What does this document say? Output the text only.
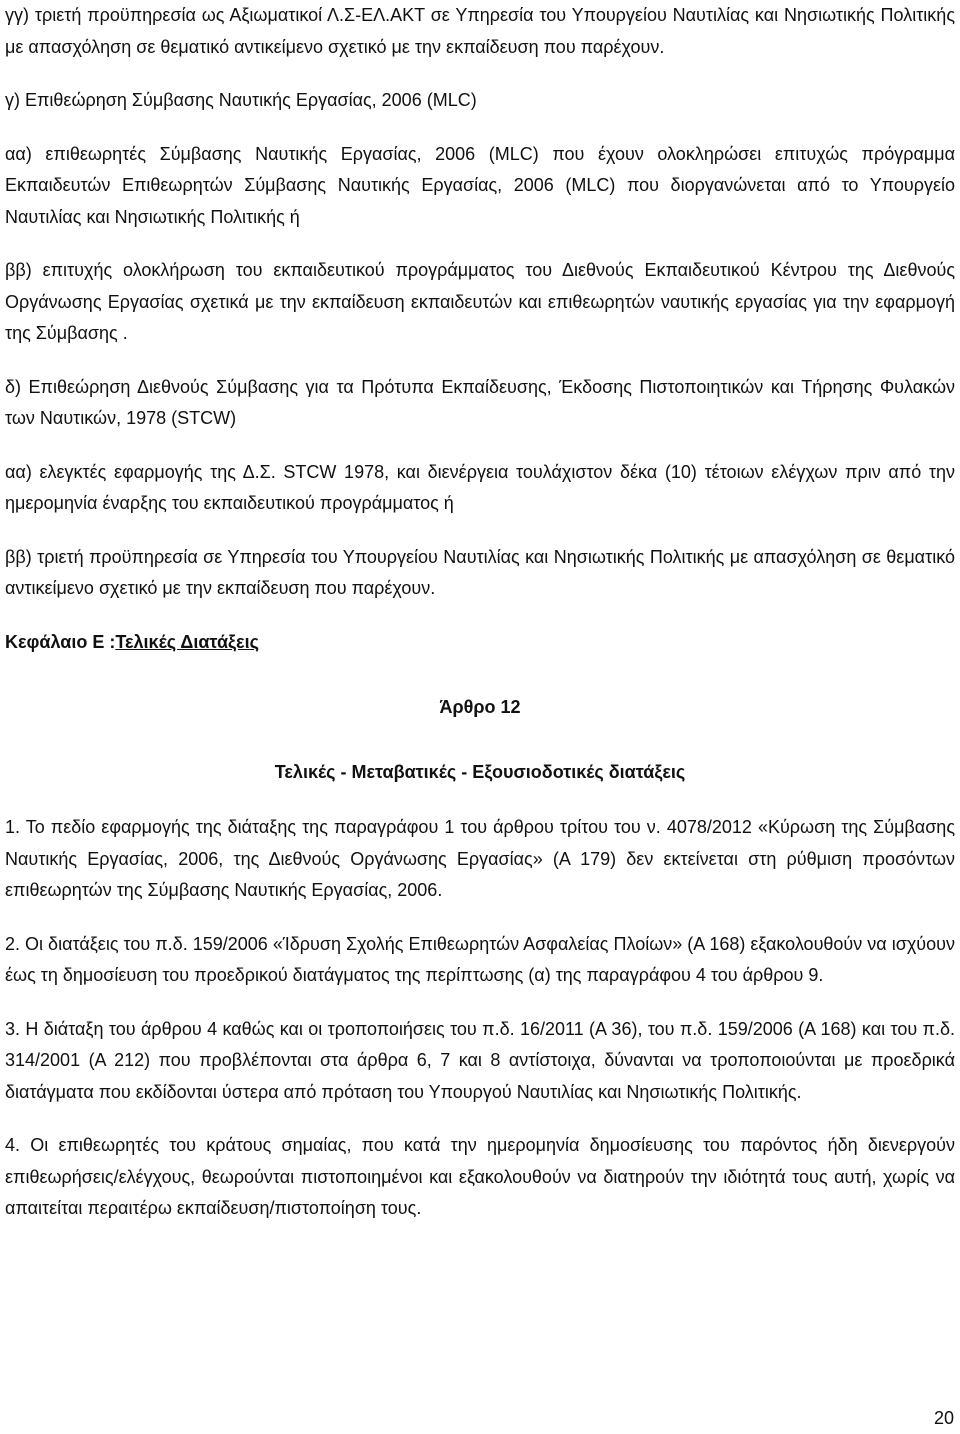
γγ) τριετή προϋπηρεσία ως Αξιωματικοί Λ.Σ-ΕΛ.ΑΚΤ σε Υπηρεσία του Υπουργείου Ναυτιλίας και Νησιωτικής Πολιτικής με απασχόληση σε θεματικό αντικείμενο σχετικό με την εκπαίδευση που παρέχουν.

γ) Επιθεώρηση Σύμβασης Ναυτικής Εργασίας, 2006 (MLC)

αα) επιθεωρητές Σύμβασης Ναυτικής Εργασίας, 2006 (MLC) που έχουν ολοκληρώσει επιτυχώς πρόγραμμα Εκπαιδευτών Επιθεωρητών Σύμβασης Ναυτικής Εργασίας, 2006 (MLC) που διοργανώνεται από το Υπουργείο Ναυτιλίας και Νησιωτικής Πολιτικής ή

ββ) επιτυχής ολοκλήρωση του εκπαιδευτικού προγράμματος του Διεθνούς Εκπαιδευτικού Κέντρου της Διεθνούς Οργάνωσης Εργασίας σχετικά με την εκπαίδευση εκπαιδευτών και επιθεωρητών ναυτικής εργασίας για την εφαρμογή της Σύμβασης .

δ) Επιθεώρηση Διεθνούς Σύμβασης για τα Πρότυπα Εκπαίδευσης, Έκδοσης Πιστοποιητικών και Τήρησης Φυλακών των Ναυτικών, 1978 (STCW)

αα) ελεγκτές εφαρμογής της Δ.Σ. STCW 1978, και διενέργεια τουλάχιστον δέκα (10) τέτοιων ελέγχων πριν από την ημερομηνία έναρξης του εκπαιδευτικού προγράμματος ή

ββ) τριετή προϋπηρεσία σε Υπηρεσία του Υπουργείου Ναυτιλίας και Νησιωτικής Πολιτικής με απασχόληση σε θεματικό αντικείμενο σχετικό με την εκπαίδευση που παρέχουν.

Κεφάλαιο Ε :Τελικές Διατάξεις

Άρθρο 12

Τελικές - Μεταβατικές - Εξουσιοδοτικές διατάξεις

1. Το πεδίο εφαρμογής της διάταξης της παραγράφου 1 του άρθρου τρίτου του ν. 4078/2012 «Κύρωση της Σύμβασης Ναυτικής Εργασίας, 2006, της Διεθνούς Οργάνωσης Εργασίας» (Α 179) δεν εκτείνεται στη ρύθμιση προσόντων επιθεωρητών της Σύμβασης Ναυτικής Εργασίας, 2006.

2. Οι διατάξεις του π.δ. 159/2006 «Ίδρυση Σχολής Επιθεωρητών Ασφαλείας Πλοίων» (Α 168) εξακολουθούν να ισχύουν έως τη δημοσίευση του προεδρικού διατάγματος της περίπτωσης (α) της παραγράφου 4 του άρθρου 9.

3. Η διάταξη του άρθρου 4 καθώς και οι τροποποιήσεις του π.δ. 16/2011 (Α 36), του π.δ. 159/2006 (Α 168) και του π.δ. 314/2001 (Α 212) που προβλέπονται στα άρθρα 6, 7 και 8 αντίστοιχα, δύνανται να τροποποιούνται με προεδρικά διατάγματα που εκδίδονται ύστερα από πρόταση του Υπουργού Ναυτιλίας και Νησιωτικής Πολιτικής.

4. Οι επιθεωρητές του κράτους σημαίας, που κατά την ημερομηνία δημοσίευσης του παρόντος ήδη διενεργούν επιθεωρήσεις/ελέγχους, θεωρούνται πιστοποιημένοι και εξακολουθούν να διατηρούν την ιδιότητά τους αυτή, χωρίς να απαιτείται περαιτέρω εκπαίδευση/πιστοποίηση τους.

20
